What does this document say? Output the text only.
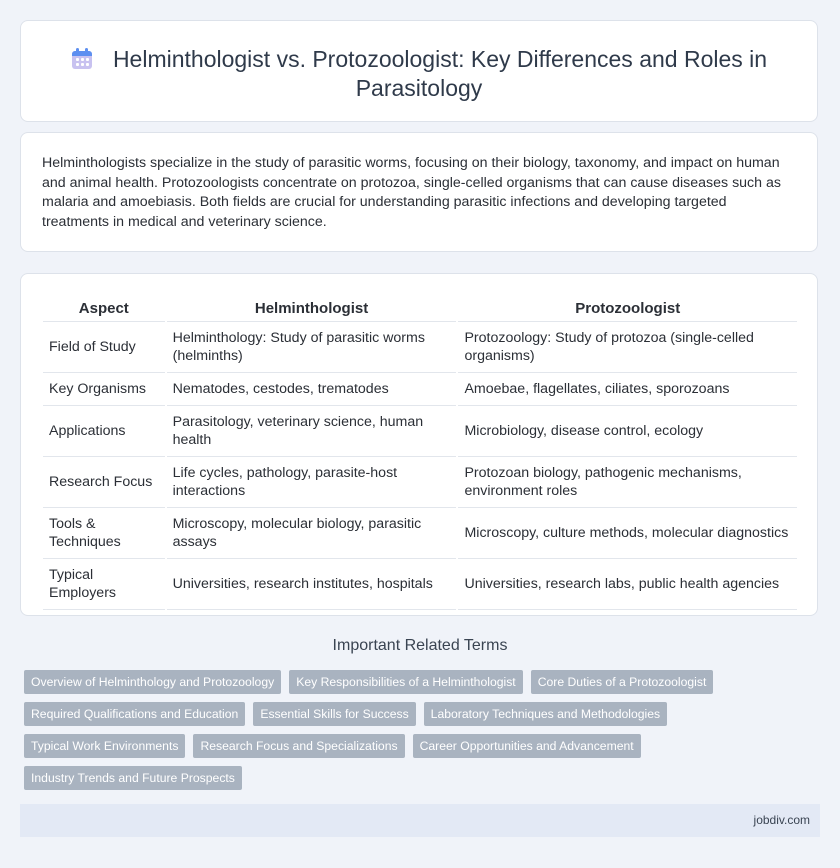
Helminthologist vs. Protozoologist: Key Differences and Roles in Parasitology

Helminthologists specialize in the study of parasitic worms, focusing on their biology, taxonomy, and impact on human and animal health. Protozoologists concentrate on protozoa, single-celled organisms that can cause diseases such as malaria and amoebiasis. Both fields are crucial for understanding parasitic infections and developing targeted treatments in medical and veterinary science.

Aspect	Helminthologist	Protozoologist
Field of Study	Helminthology: Study of parasitic worms (helminths)	Protozoology: Study of protozoa (single-celled organisms)
Key Organisms	Nematodes, cestodes, trematodes	Amoebae, flagellates, ciliates, sporozoans
Applications	Parasitology, veterinary science, human health	Microbiology, disease control, ecology
Research Focus	Life cycles, pathology, parasite-host interactions	Protozoan biology, pathogenic mechanisms, environment roles
Tools & Techniques	Microscopy, molecular biology, parasitic assays	Microscopy, culture methods, molecular diagnostics
Typical Employers	Universities, research institutes, hospitals	Universities, research labs, public health agencies
Important Related Terms
Overview of Helminthology and Protozoology	Key Responsibilities of a Helminthologist	Core Duties of a Protozoologist
Required Qualifications and Education	Essential Skills for Success	Laboratory Techniques and Methodologies
Typical Work Environments	Research Focus and Specializations	Career Opportunities and Advancement
Industry Trends and Future Prospects
jobdiv.com
